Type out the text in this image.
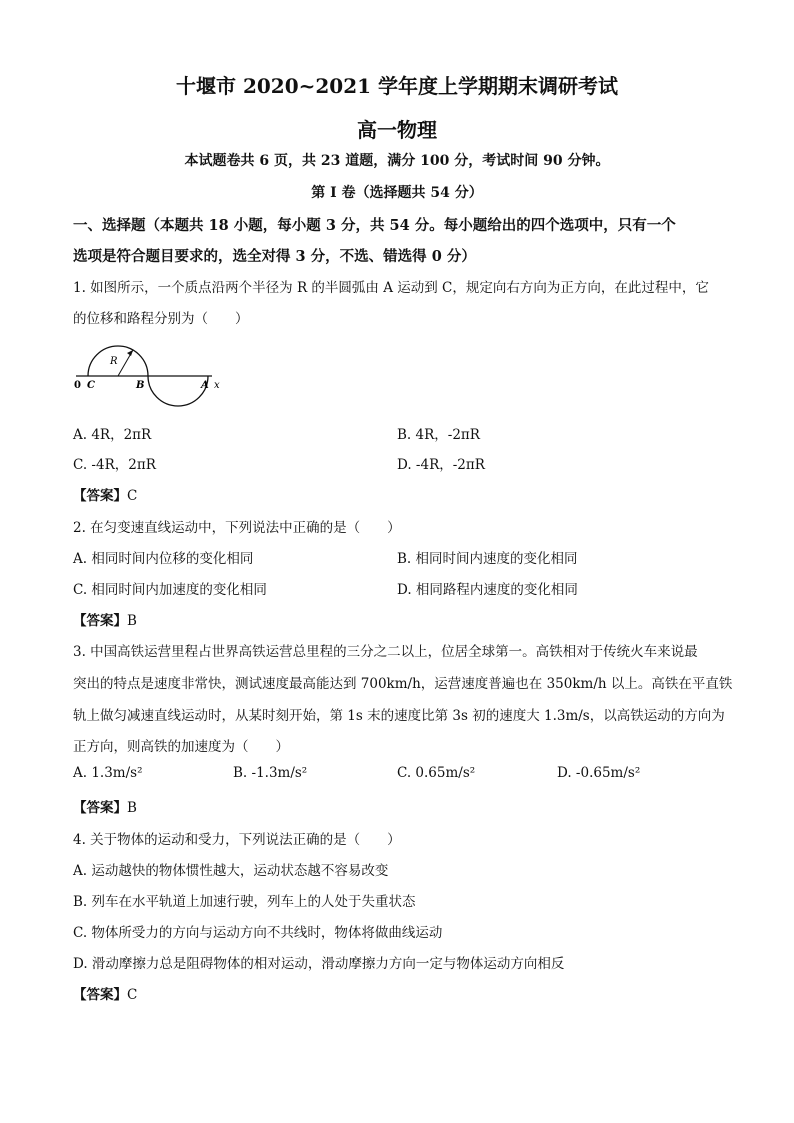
十堰市 2020~2021 学年度上学期期末调研考试
高一物理
本试题卷共 6 页，共 23 道题，满分 100 分，考试时间 90 分钟。
第 I 卷（选择题共 54 分）
一、选择题（本题共 18 小题，每小题 3 分，共 54 分。每小题给出的四个选项中，只有一个
选项是符合题目要求的，选全对得 3 分，不选、错选得 0 分）
1. 如图所示，一个质点沿两个半径为 R 的半圆弧由 A 运动到 C，规定向右方向为正方向，在此过程中，它
的位移和路程分别为（　　）
R
0 C	B	A x
A. 4R，2πR	B. 4R，-2πR
C. -4R，2πR	D. -4R，-2πR
【答案】C
2. 在匀变速直线运动中，下列说法中正确的是（　　）
A. 相同时间内位移的变化相同	B. 相同时间内速度的变化相同
C. 相同时间内加速度的变化相同	D. 相同路程内速度的变化相同
【答案】B
3. 中国高铁运营里程占世界高铁运营总里程的三分之二以上，位居全球第一。高铁相对于传统火车来说最
突出的特点是速度非常快，测试速度最高能达到 700km/h，运营速度普遍也在 350km/h 以上。高铁在平直铁
轨上做匀减速直线运动时，从某时刻开始，第 1s 末的速度比第 3s 初的速度大 1.3m/s，以高铁运动的方向为
正方向，则高铁的加速度为（　　）
A. 1.3m/s²	B. -1.3m/s²	C. 0.65m/s²	D. -0.65m/s²
【答案】B
4. 关于物体的运动和受力，下列说法正确的是（　　）
A. 运动越快的物体惯性越大，运动状态越不容易改变
B. 列车在水平轨道上加速行驶，列车上的人处于失重状态
C. 物体所受力的方向与运动方向不共线时，物体将做曲线运动
D. 滑动摩擦力总是阻碍物体的相对运动，滑动摩擦力方向一定与物体运动方向相反
【答案】C
